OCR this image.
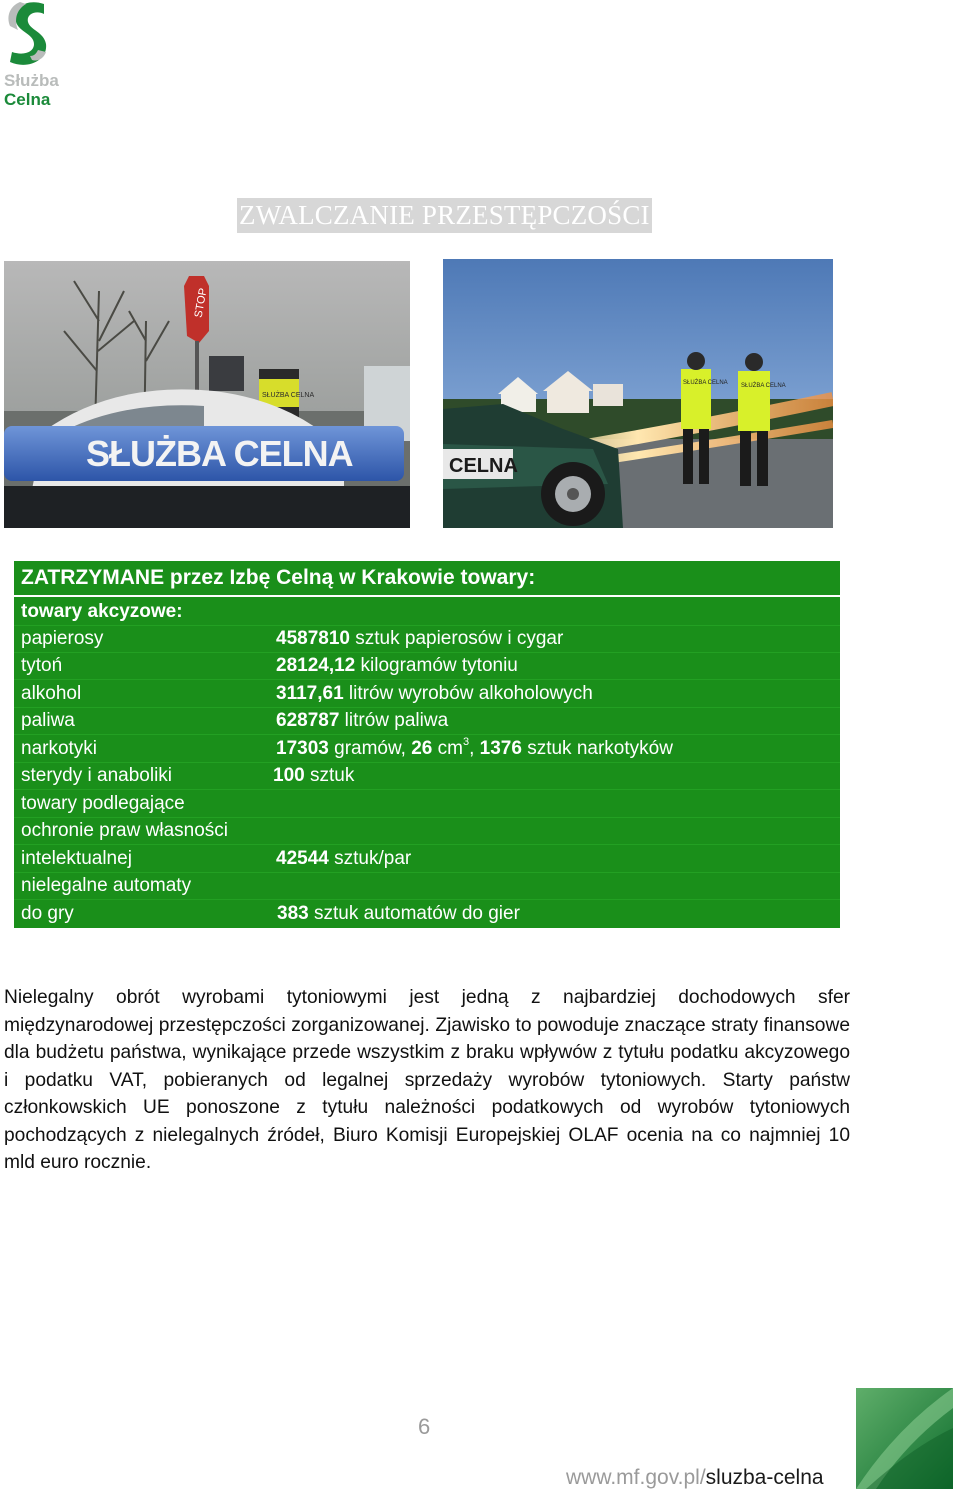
Służba
Celna
ZWALCZANIE PRZESTĘPCZOŚCI
STOP
SŁUŻBA CELNA
SŁUŻBA CELNA
SŁUŻBA CELNA SŁUŻBA CELNA
CELNA
ZATRZYMANE przez Izbę Celną w Krakowie towary:
towary akcyzowe:
papierosy	4587810 sztuk papierosów i cygar
tytoń	28124,12 kilogramów tytoniu
alkohol	3117,61 litrów wyrobów alkoholowych
paliwa	628787 litrów paliwa
narkotyki	17303 gramów, 26 $cm^3$, 1376 sztuk narkotyków
sterydy i anaboliki	100 sztuk
towary podlegające
ochronie praw własności
intelektualnej	42544 sztuk/par
nielegalne automaty
do gry	383 sztuk automatów do gier
Nielegalny obrót wyrobami tytoniowymi jest jedną z najbardziej dochodowych sfer międzynarodowej przestępczości zorganizowanej. Zjawisko to powoduje znaczące straty finansowe dla budżetu państwa, wynikające przede wszystkim z braku wpływów z tytułu podatku akcyzowego i podatku VAT, pobieranych od legalnej sprzedaży wyrobów tytoniowych. Starty państw członkowskich UE ponoszone z tytułu należności podatkowych od wyrobów tytoniowych pochodzących z nielegalnych źródeł, Biuro Komisji Europejskiej OLAF ocenia na co najmniej 10 mld euro rocznie.
6
www.mf.gov.pl/sluzba-celna
